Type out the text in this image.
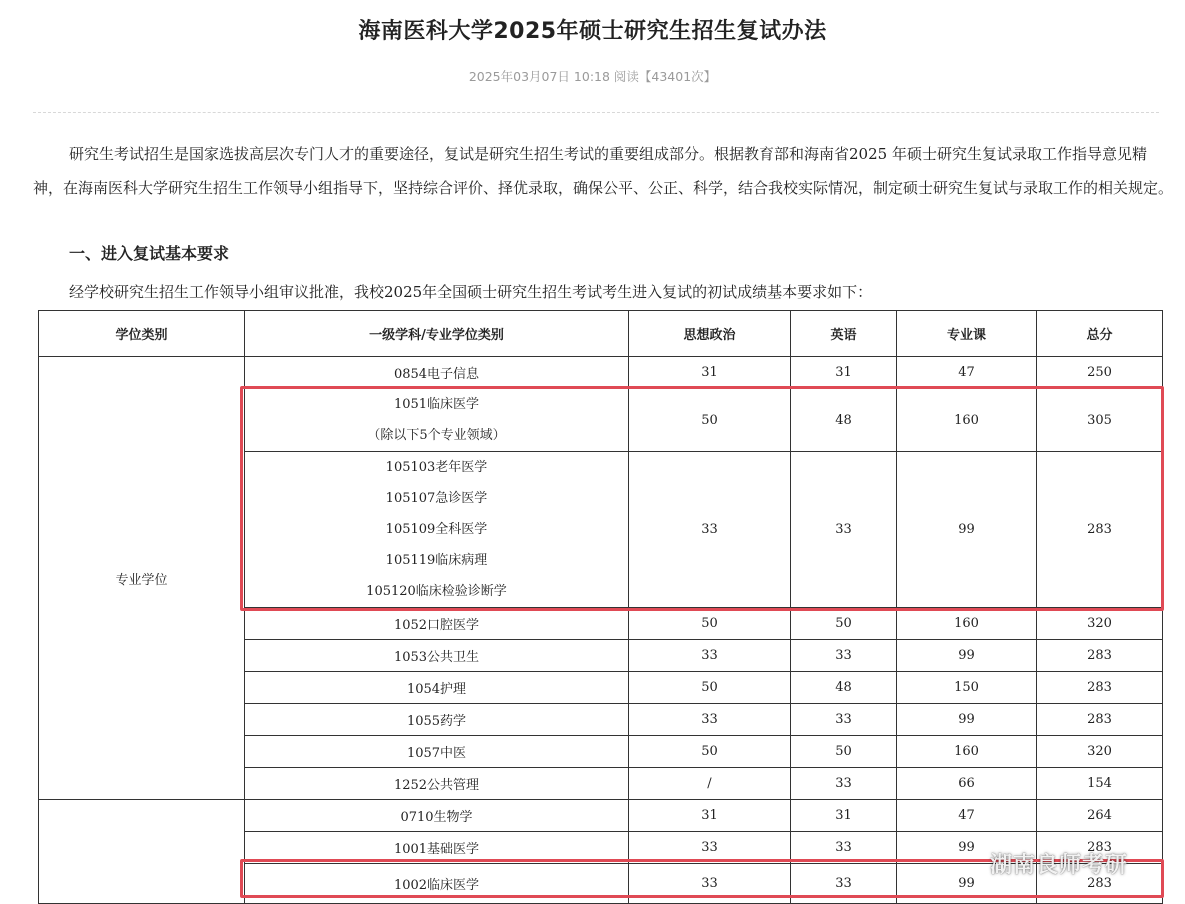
海南医科大学2025年硕士研究生招生复试办法
2025年03月07日 10:18 阅读【43401次】
研究生考试招生是国家选拔高层次专门人才的重要途径，复试是研究生招生考试的重要组成部分。根据教育部和海南省2025 年硕士研究生复试录取工作指导意见精神，在海南医科大学研究生招生工作领导小组指导下，坚持综合评价、择优录取，确保公平、公正、科学，结合我校实际情况，制定硕士研究生复试与录取工作的相关规定。
一、进入复试基本要求
经学校研究生招生工作领导小组审议批准，我校2025年全国硕士研究生招生考试考生进入复试的初试成绩基本要求如下：
学位类别	一级学科/专业学位类别	思想政治	英语	专业课	总分
专业学位	0854电子信息	31	31	47	250

	1051临床医学
（除以下5个专业领域）	50	48	160	305

	105103老年医学
105107急诊医学
105109全科医学
105119临床病理
105120临床检验诊断学	33	33	99	283
	1052口腔医学	50	50	160	320
	1053公共卫生	33	33	99	283
	1054护理	50	48	150	283
	1055药学	33	33	99	283
	1057中医	50	50	160	320
	1252公共管理	/	33	66	154
	0710生物学	31	31	47	264
	1001基础医学	33	33	99	283
	1002临床医学	33	33	99	283
湖南良师考研
